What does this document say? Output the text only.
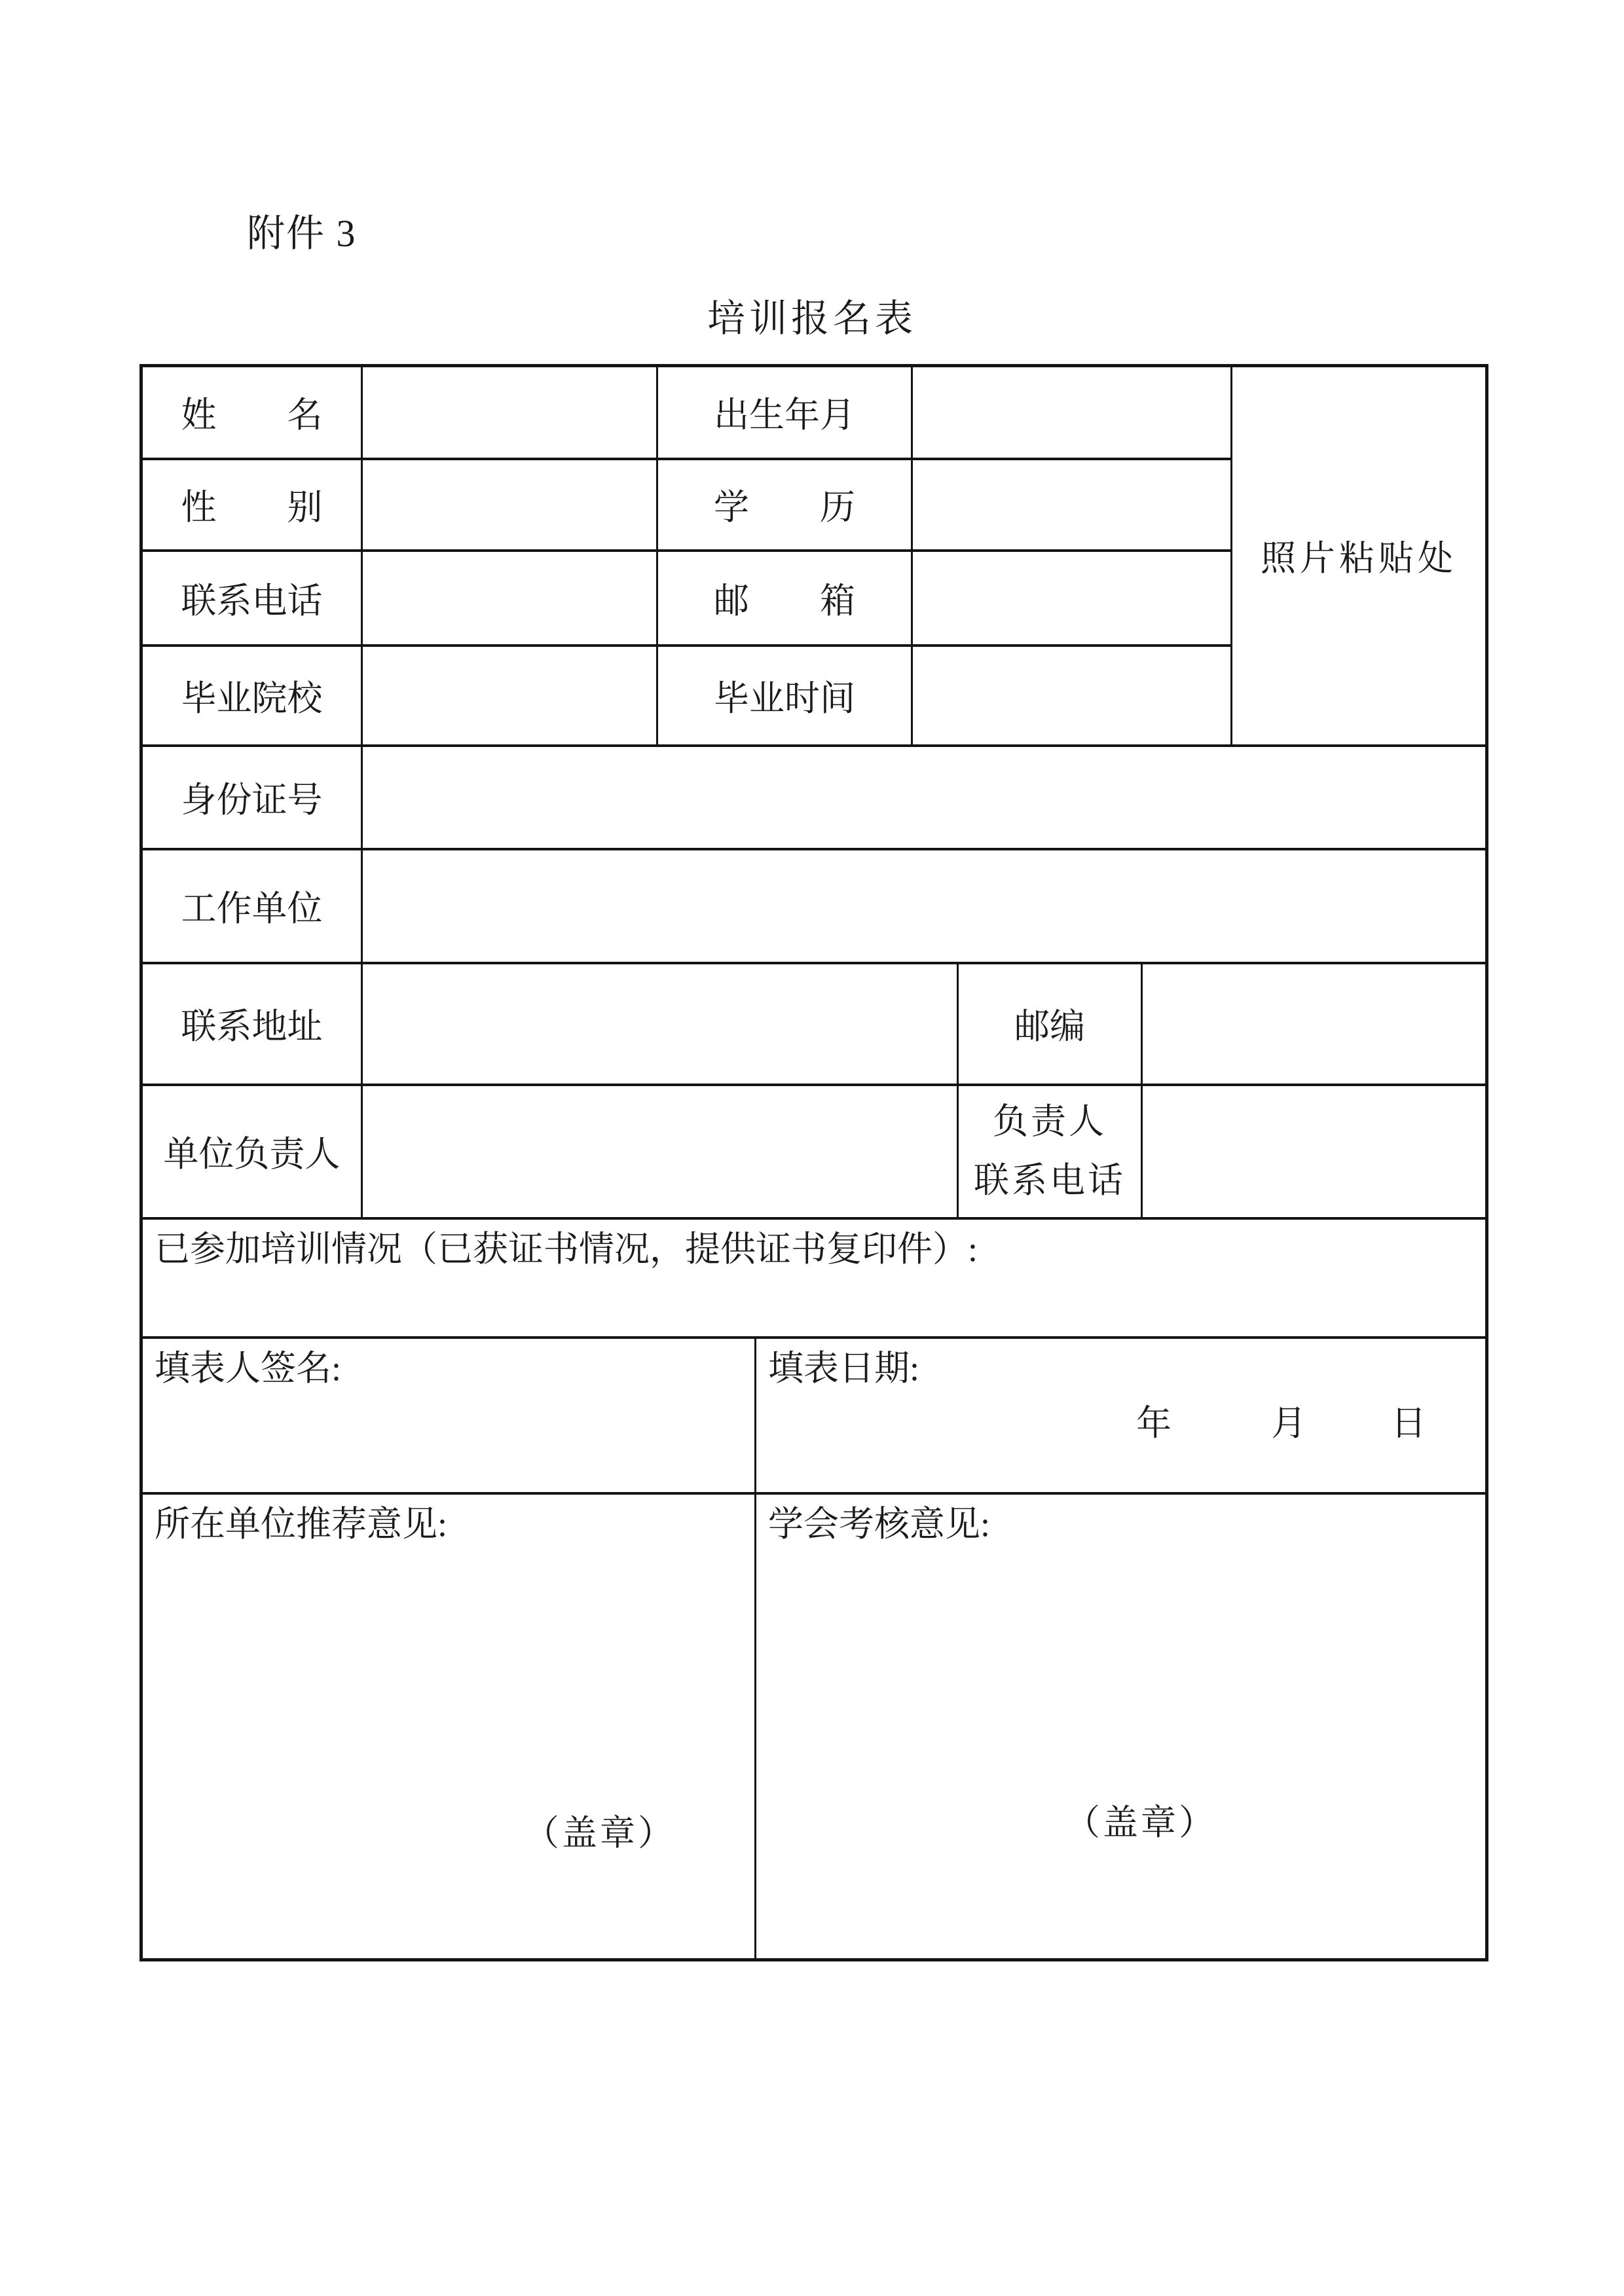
附件 3
培训报名表
姓　　名		出生年月					照片粘贴处
性　　别		学　　历					
联系电话		邮　　箱					
毕业院校		毕业时间					
身份证号							
工作单位							
联系地址					邮编		
单位负责人					负责人
联系电话		

已参加培训情况（已获证书情况，提供证书复印件）:							

填表人签名:			填表日期:
年 月 日				

所在单位推荐意见:
（盖章）			学会考核意见:
（盖章）				
